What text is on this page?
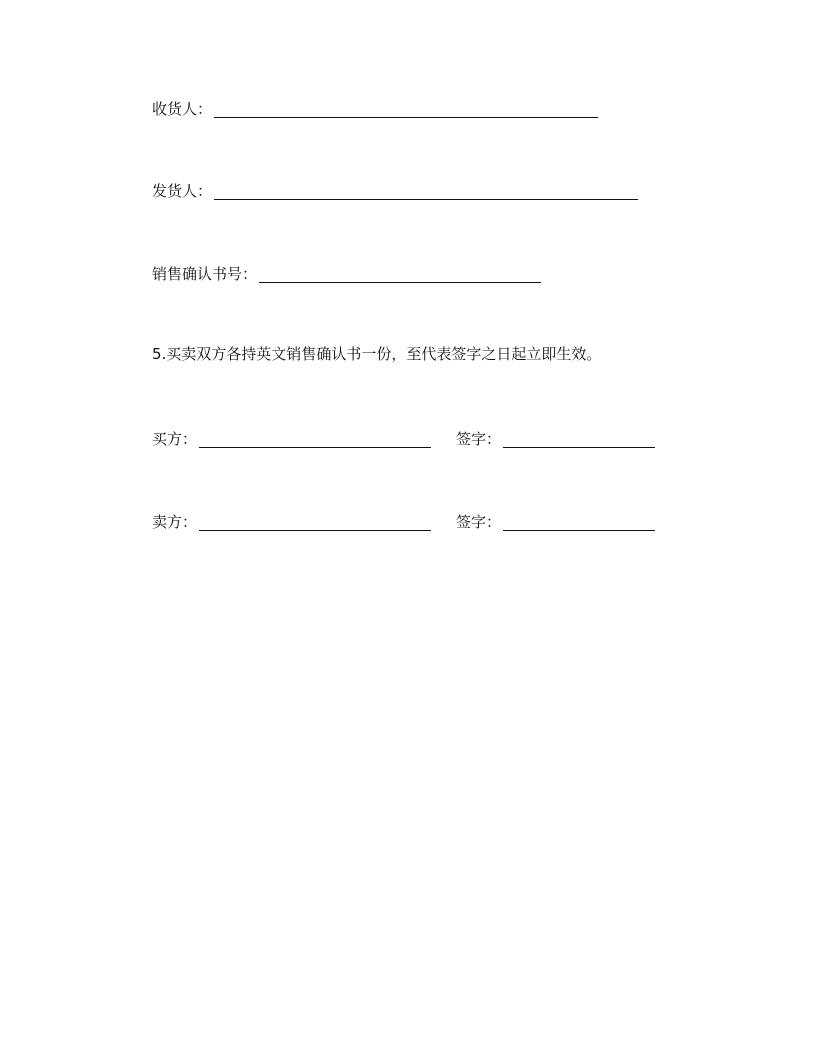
收货人：
发货人：
销售确认书号：
5.买卖双方各持英文销售确认书一份，至代表签字之日起立即生效。
买方：	签字：
卖方：	签字：
